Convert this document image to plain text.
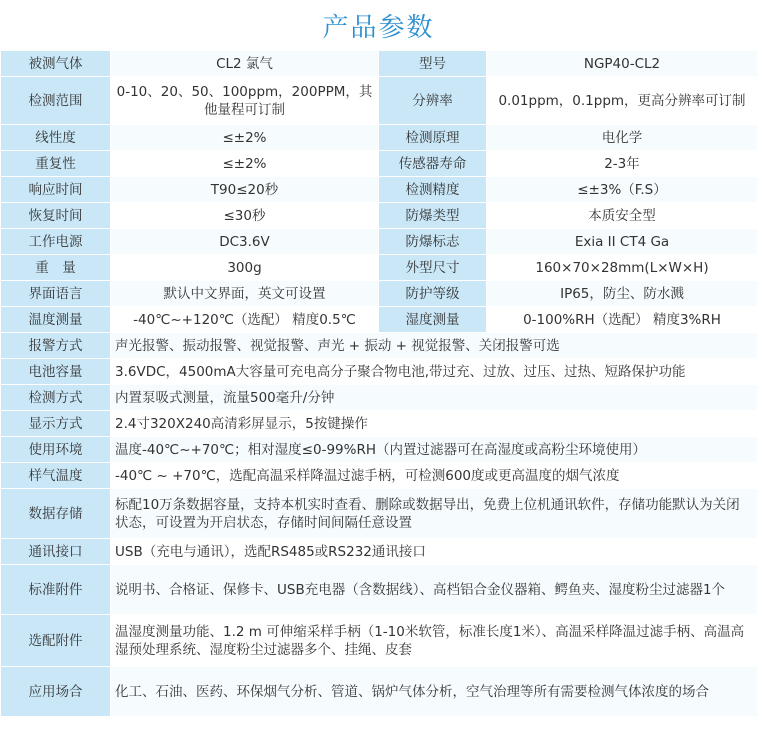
产品参数
被测气体	CL2 氯气	型号	NGP40-CL2
检测范围	0-10、20、50、100ppm，200PPM，其他量程可订制	分辨率	0.01ppm，0.1ppm，更高分辨率可订制
线性度	≤±2%	检测原理	电化学
重复性	≤±2%	传感器寿命	2-3年
响应时间	T90≤20秒	检测精度	≤±3%（F.S）
恢复时间	≤30秒	防爆类型	本质安全型
工作电源	DC3.6V	防爆标志	Exia II CT4 Ga
重　量	300g	外型尺寸	160×70×28mm(L×W×H)
界面语言	默认中文界面，英文可设置	防护等级	IP65，防尘、防水溅
温度测量	-40℃~+120℃（选配） 精度0.5℃	湿度测量	0-100%RH（选配） 精度3%RH
报警方式	声光报警、振动报警、视觉报警、声光 + 振动 + 视觉报警、关闭报警可选		
电池容量	3.6VDC，4500mA大容量可充电高分子聚合物电池,带过充、过放、过压、过热、短路保护功能		
检测方式	内置泵吸式测量，流量500毫升/分钟		
显示方式	2.4寸320X240高清彩屏显示，5按键操作		
使用环境	温度-40℃~+70℃；相对湿度≤0-99%RH（内置过滤器可在高湿度或高粉尘环境使用）		
样气温度	-40℃ ~ +70℃，选配高温采样降温过滤手柄，可检测600度或更高温度的烟气浓度		
数据存储	标配10万条数据容量，支持本机实时查看、删除或数据导出，免费上位机通讯软件，存储功能默认为关闭状态，可设置为开启状态，存储时间间隔任意设置		
通讯接口	USB（充电与通讯），选配RS485或RS232通讯接口		
标准附件	说明书、合格证、保修卡、USB充电器（含数据线）、高档铝合金仪器箱、鳄鱼夹、湿度粉尘过滤器1个		
选配附件	温湿度测量功能、1.2 m 可伸缩采样手柄（1-10米软管，标准长度1米）、高温采样降温过滤手柄、高温高湿预处理系统、湿度粉尘过滤器多个、挂绳、皮套		
应用场合	化工、石油、医药、环保烟气分析、管道、锅炉气体分析，空气治理等所有需要检测气体浓度的场合		
